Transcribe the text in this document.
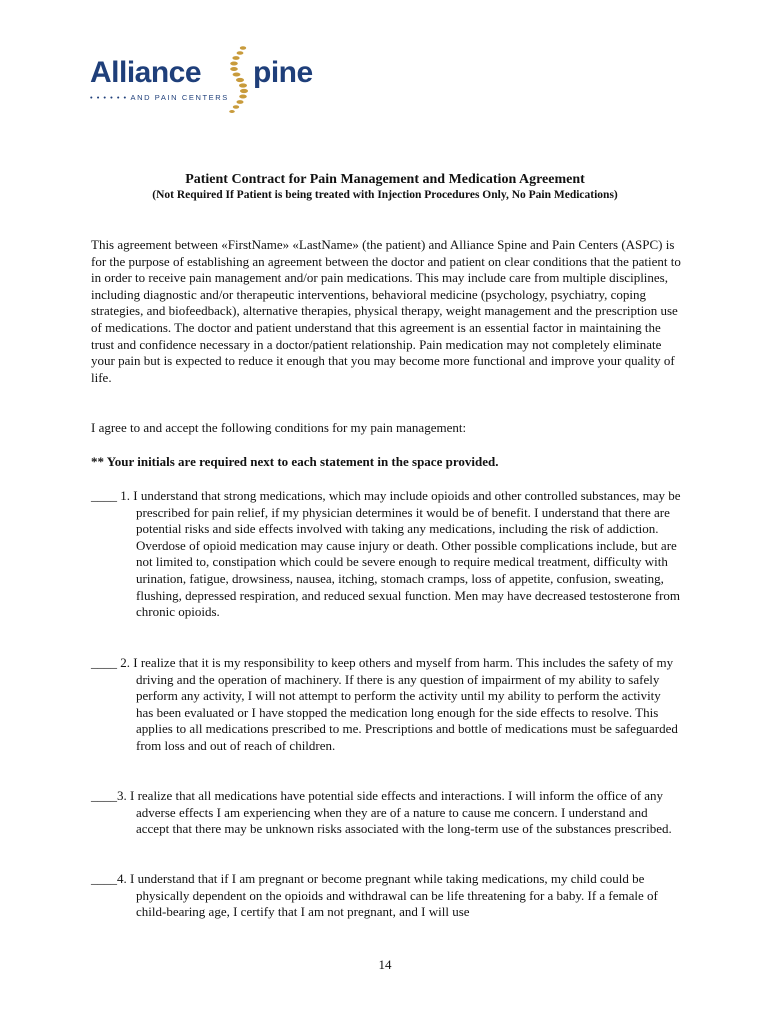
Alliance pine
• • • • • • AND PAIN CENTERS
Patient Contract for Pain Management and Medication Agreement
(Not Required If Patient is being treated with Injection Procedures Only, No Pain Medications)
This agreement between «FirstName» «LastName» (the patient) and Alliance Spine and Pain Centers (ASPC) is for the purpose of establishing an agreement between the doctor and patient on clear conditions that the patient to in order to receive pain management and/or pain medications. This may include care from multiple disciplines, including diagnostic and/or therapeutic interventions, behavioral medicine (psychology, psychiatry, coping strategies, and biofeedback), alternative therapies, physical therapy, weight management and the prescription use of medications. The doctor and patient understand that this agreement is an essential factor in maintaining the trust and confidence necessary in a doctor/patient relationship. Pain medication may not completely eliminate your pain but is expected to reduce it enough that you may become more functional and improve your quality of life.
I agree to and accept the following conditions for my pain management:
** Your initials are required next to each statement in the space provided.
____ 1. I understand that strong medications, which may include opioids and other controlled substances, may be prescribed for pain relief, if my physician determines it would be of benefit. I understand that there are potential risks and side effects involved with taking any medications, including the risk of addiction. Overdose of opioid medication may cause injury or death. Other possible complications include, but are not limited to, constipation which could be severe enough to require medical treatment, difficulty with urination, fatigue, drowsiness, nausea, itching, stomach cramps, loss of appetite, confusion, sweating, flushing, depressed respiration, and reduced sexual function. Men may have decreased testosterone from chronic opioids.
____ 2. I realize that it is my responsibility to keep others and myself from harm. This includes the safety of my driving and the operation of machinery. If there is any question of impairment of my ability to safely perform any activity, I will not attempt to perform the activity until my ability to perform the activity has been evaluated or I have stopped the medication long enough for the side effects to resolve. This applies to all medications prescribed to me. Prescriptions and bottle of medications must be safeguarded from loss and out of reach of children.
____3. I realize that all medications have potential side effects and interactions. I will inform the office of any adverse effects I am experiencing when they are of a nature to cause me concern. I understand and accept that there may be unknown risks associated with the long-term use of the substances prescribed.
____4. I understand that if I am pregnant or become pregnant while taking medications, my child could be physically dependent on the opioids and withdrawal can be life threatening for a baby. If a female of child-bearing age, I certify that I am not pregnant, and I will use
14
